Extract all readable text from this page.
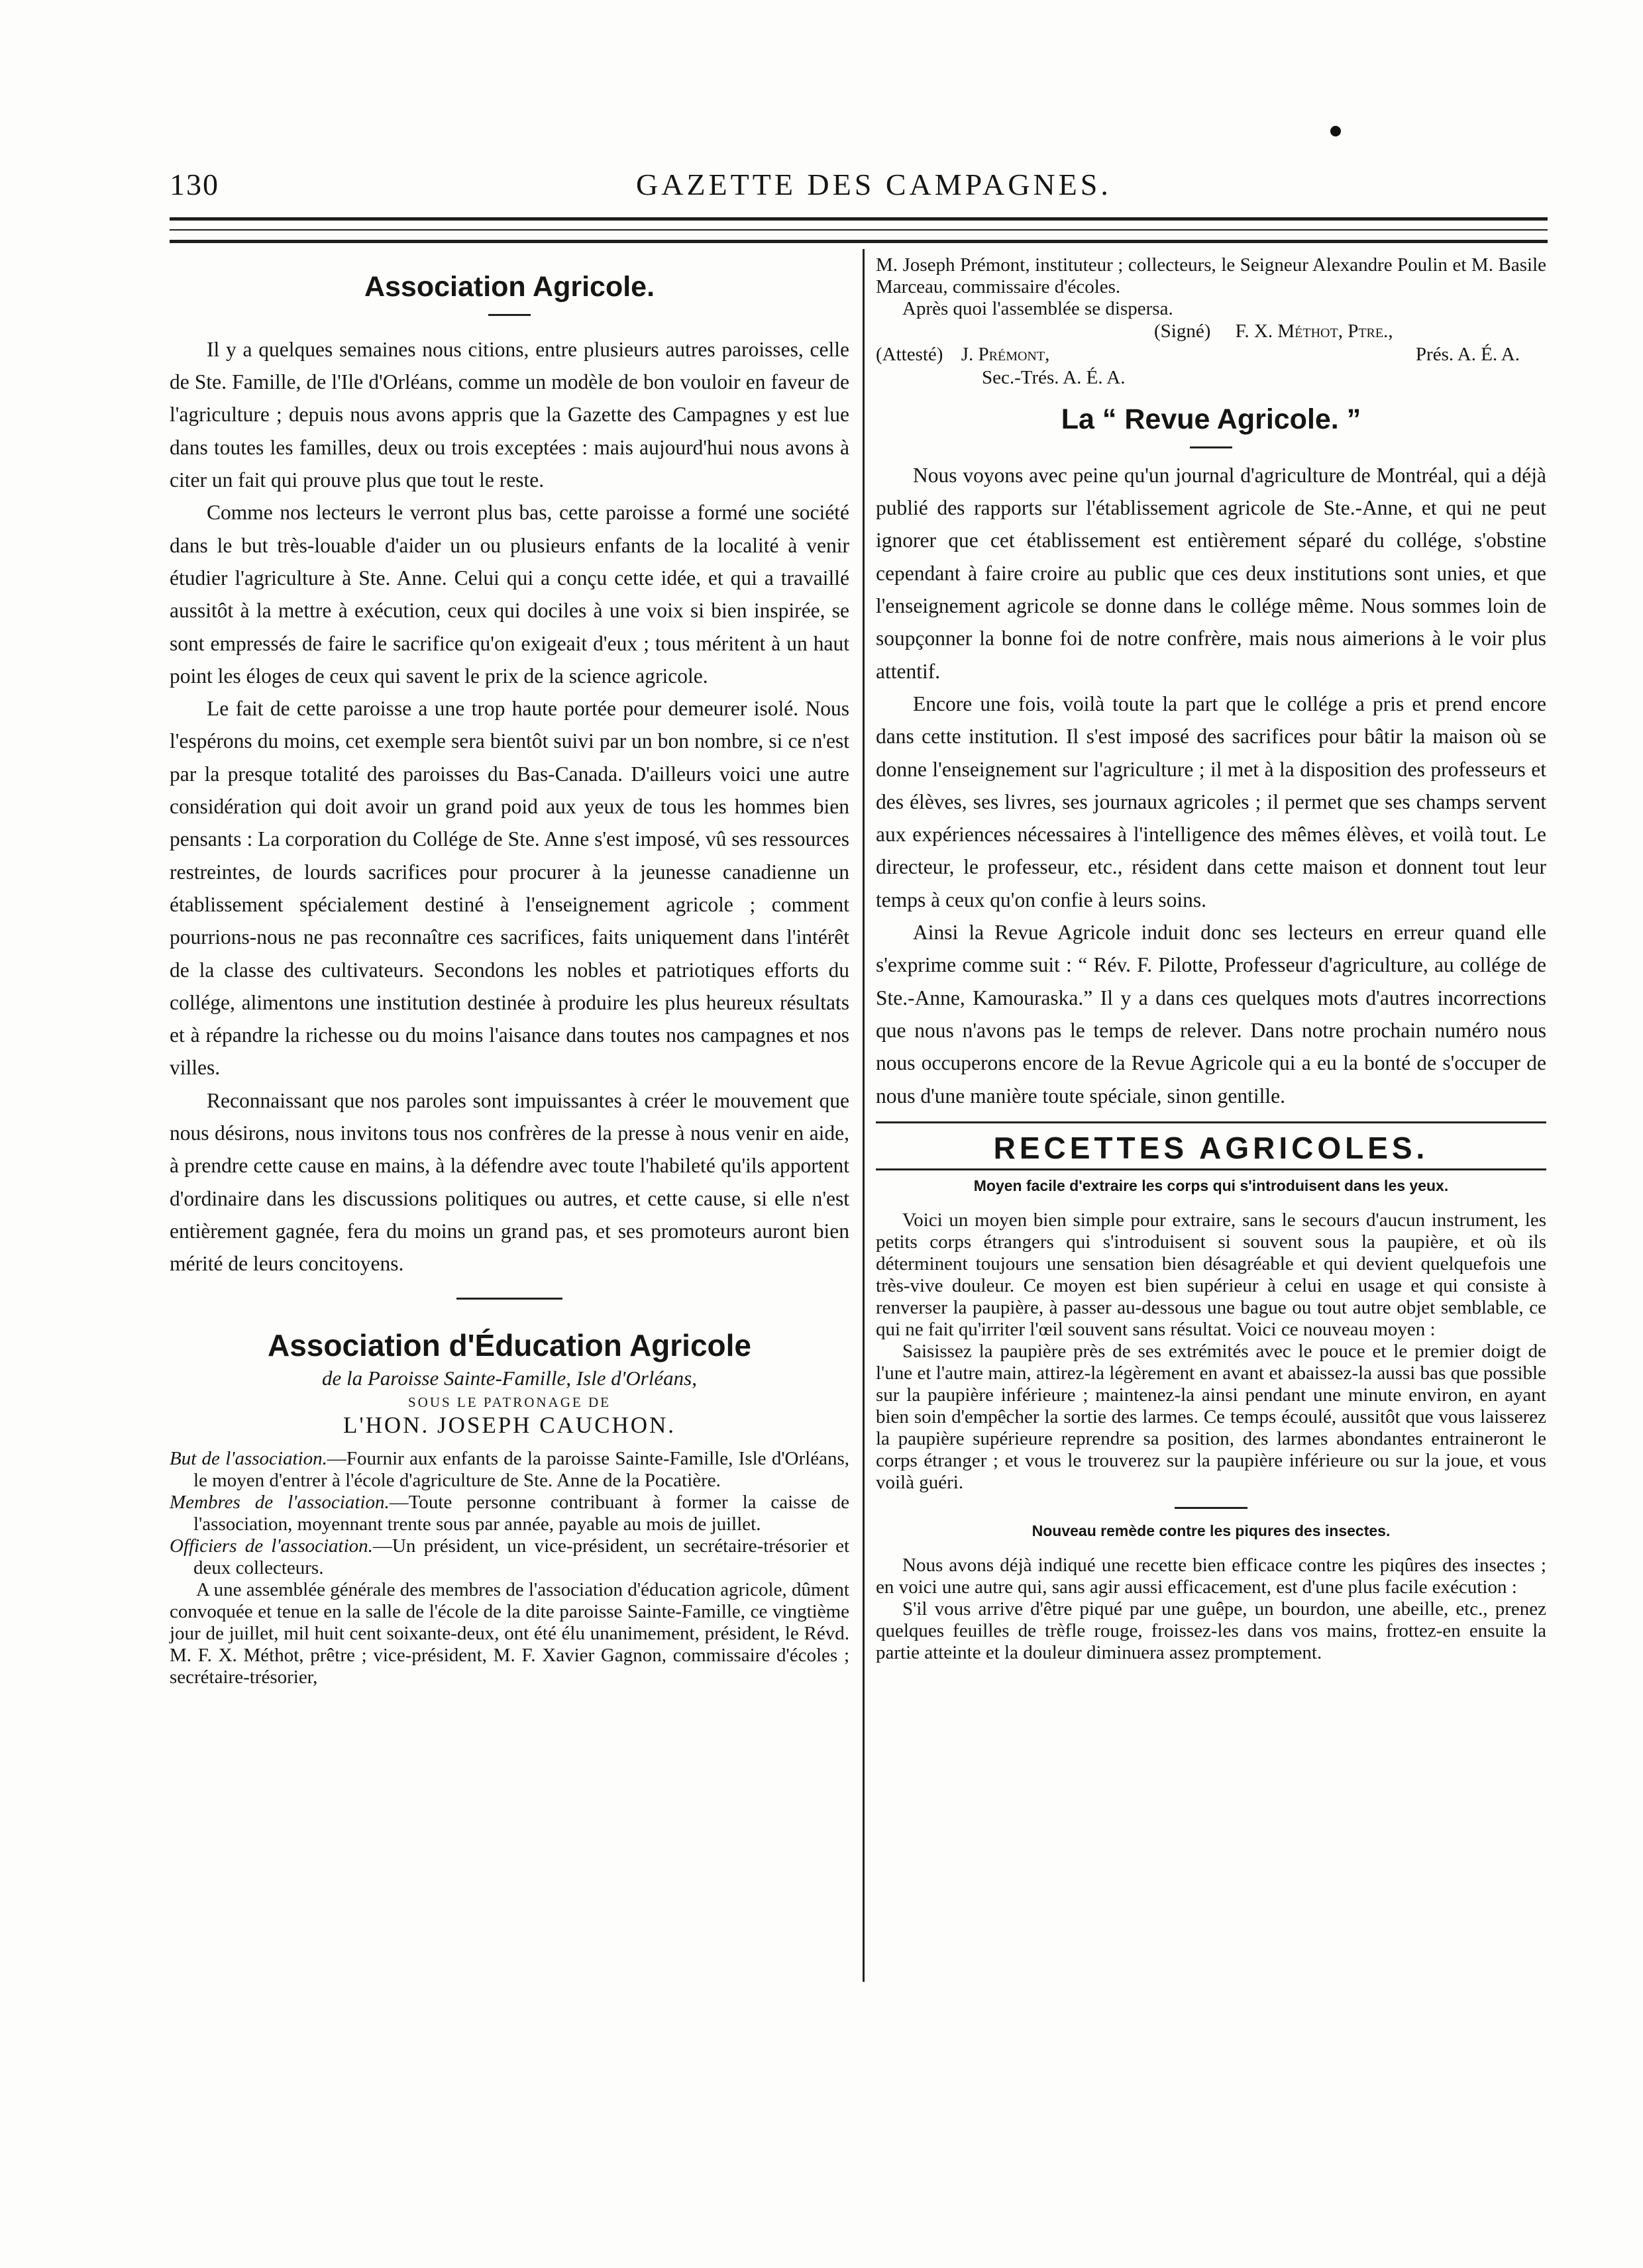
130	GAZETTE DES CAMPAGNES.
Association Agricole.

Il y a quelques semaines nous citions, entre plusieurs autres paroisses, celle de Ste. Famille, de l'Ile d'Orléans, comme un modèle de bon vouloir en faveur de l'agriculture ; depuis nous avons appris que la Gazette des Campagnes y est lue dans toutes les familles, deux ou trois exceptées : mais aujourd'hui nous avons à citer un fait qui prouve plus que tout le reste.

Comme nos lecteurs le verront plus bas, cette paroisse a formé une société dans le but très-louable d'aider un ou plusieurs enfants de la localité à venir étudier l'agriculture à Ste. Anne. Celui qui a conçu cette idée, et qui a travaillé aussitôt à la mettre à exécution, ceux qui dociles à une voix si bien inspirée, se sont empressés de faire le sacrifice qu'on exigeait d'eux ; tous méritent à un haut point les éloges de ceux qui savent le prix de la science agricole.

Le fait de cette paroisse a une trop haute portée pour demeurer isolé. Nous l'espérons du moins, cet exemple sera bientôt suivi par un bon nombre, si ce n'est par la presque totalité des paroisses du Bas-Canada. D'ailleurs voici une autre considération qui doit avoir un grand poid aux yeux de tous les hommes bien pensants : La corporation du Collége de Ste. Anne s'est imposé, vû ses ressources restreintes, de lourds sacrifices pour procurer à la jeunesse canadienne un établissement spécialement destiné à l'enseignement agricole ; comment pourrions-nous ne pas reconnaître ces sacrifices, faits uniquement dans l'intérêt de la classe des cultivateurs. Secondons les nobles et patriotiques efforts du collége, alimentons une institution destinée à produire les plus heureux résultats et à répandre la richesse ou du moins l'aisance dans toutes nos campagnes et nos villes.

Reconnaissant que nos paroles sont impuissantes à créer le mouvement que nous désirons, nous invitons tous nos confrères de la presse à nous venir en aide, à prendre cette cause en mains, à la défendre avec toute l'habileté qu'ils apportent d'ordinaire dans les discussions politiques ou autres, et cette cause, si elle n'est entièrement gagnée, fera du moins un grand pas, et ses promoteurs auront bien mérité de leurs concitoyens.

Association d'Éducation Agricole
de la Paroisse Sainte-Famille, Isle d'Orléans,
SOUS LE PATRONAGE DE
L'HON. JOSEPH CAUCHON.

But de l'association.—Fournir aux enfants de la paroisse Sainte-Famille, Isle d'Orléans, le moyen d'entrer à l'école d'agriculture de Ste. Anne de la Pocatière.

Membres de l'association.—Toute personne contribuant à former la caisse de l'association, moyennant trente sous par année, payable au mois de juillet.

Officiers de l'association.—Un président, un vice-président, un secrétaire-trésorier et deux collecteurs.

A une assemblée générale des membres de l'association d'éducation agricole, dûment convoquée et tenue en la salle de l'école de la dite paroisse Sainte-Famille, ce vingtième jour de juillet, mil huit cent soixante-deux, ont été élu unanimement, président, le Révd. M. F. X. Méthot, prêtre ; vice-président, M. F. Xavier Gagnon, commissaire d'écoles ; secrétaire-trésorier,

M. Joseph Prémont, instituteur ; collecteurs, le Seigneur Alexandre Poulin et M. Basile Marceau, commissaire d'écoles.

Après quoi l'assemblée se dispersa.

(Signé) F. X. Méthot, Ptre.,
(Attesté) J. Prémont,	Prés. A. É. A.
Sec.-Trés. A. É. A.
La “ Revue Agricole. ”

Nous voyons avec peine qu'un journal d'agriculture de Montréal, qui a déjà publié des rapports sur l'établissement agricole de Ste.-Anne, et qui ne peut ignorer que cet établissement est entièrement séparé du collége, s'obstine cependant à faire croire au public que ces deux institutions sont unies, et que l'enseignement agricole se donne dans le collége même. Nous sommes loin de soupçonner la bonne foi de notre confrère, mais nous aimerions à le voir plus attentif.

Encore une fois, voilà toute la part que le collége a pris et prend encore dans cette institution. Il s'est imposé des sacrifices pour bâtir la maison où se donne l'enseignement sur l'agriculture ; il met à la disposition des professeurs et des élèves, ses livres, ses journaux agricoles ; il permet que ses champs servent aux expériences nécessaires à l'intelligence des mêmes élèves, et voilà tout. Le directeur, le professeur, etc., résident dans cette maison et donnent tout leur temps à ceux qu'on confie à leurs soins.

Ainsi la Revue Agricole induit donc ses lecteurs en erreur quand elle s'exprime comme suit : “ Rév. F. Pilotte, Professeur d'agriculture, au collége de Ste.-Anne, Kamouraska.” Il y a dans ces quelques mots d'autres incorrections que nous n'avons pas le temps de relever. Dans notre prochain numéro nous nous occuperons encore de la Revue Agricole qui a eu la bonté de s'occuper de nous d'une manière toute spéciale, sinon gentille.

RECETTES AGRICOLES.
Moyen facile d'extraire les corps qui s'introduisent dans les yeux.

Voici un moyen bien simple pour extraire, sans le secours d'aucun instrument, les petits corps étrangers qui s'introduisent si souvent sous la paupière, et où ils déterminent toujours une sensation bien désagréable et qui devient quelquefois une très-vive douleur. Ce moyen est bien supérieur à celui en usage et qui consiste à renverser la paupière, à passer au-dessous une bague ou tout autre objet semblable, ce qui ne fait qu'irriter l'œil souvent sans résultat. Voici ce nouveau moyen :

Saisissez la paupière près de ses extrémités avec le pouce et le premier doigt de l'une et l'autre main, attirez-la légèrement en avant et abaissez-la aussi bas que possible sur la paupière inférieure ; maintenez-la ainsi pendant une minute environ, en ayant bien soin d'empêcher la sortie des larmes. Ce temps écoulé, aussitôt que vous laisserez la paupière supérieure reprendre sa position, des larmes abondantes entraineront le corps étranger ; et vous le trouverez sur la paupière inférieure ou sur la joue, et vous voilà guéri.

Nouveau remède contre les piqures des insectes.

Nous avons déjà indiqué une recette bien efficace contre les piqûres des insectes ; en voici une autre qui, sans agir aussi efficacement, est d'une plus facile exécution :

S'il vous arrive d'être piqué par une guêpe, un bourdon, une abeille, etc., prenez quelques feuilles de trèfle rouge, froissez-les dans vos mains, frottez-en ensuite la partie atteinte et la douleur diminuera assez promptement.
